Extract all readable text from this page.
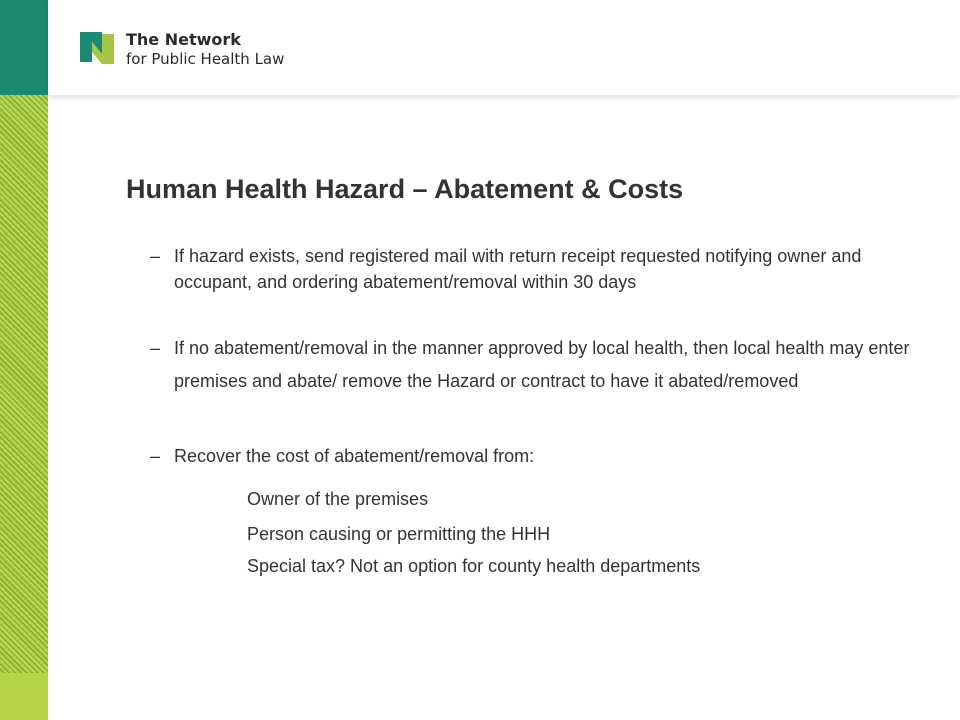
The Network
for Public Health Law
Human Health Hazard – Abatement & Costs
– If hazard exists, send registered mail with return receipt requested notifying owner and occupant, and ordering abatement/removal within 30 days
– If no abatement/removal in the manner approved by local health, then local health may enter premises and abate/ remove the Hazard or contract to have it abated/removed
– Recover the cost of abatement/removal from:
Owner of the premises
Person causing or permitting the HHH
Special tax? Not an option for county health departments
